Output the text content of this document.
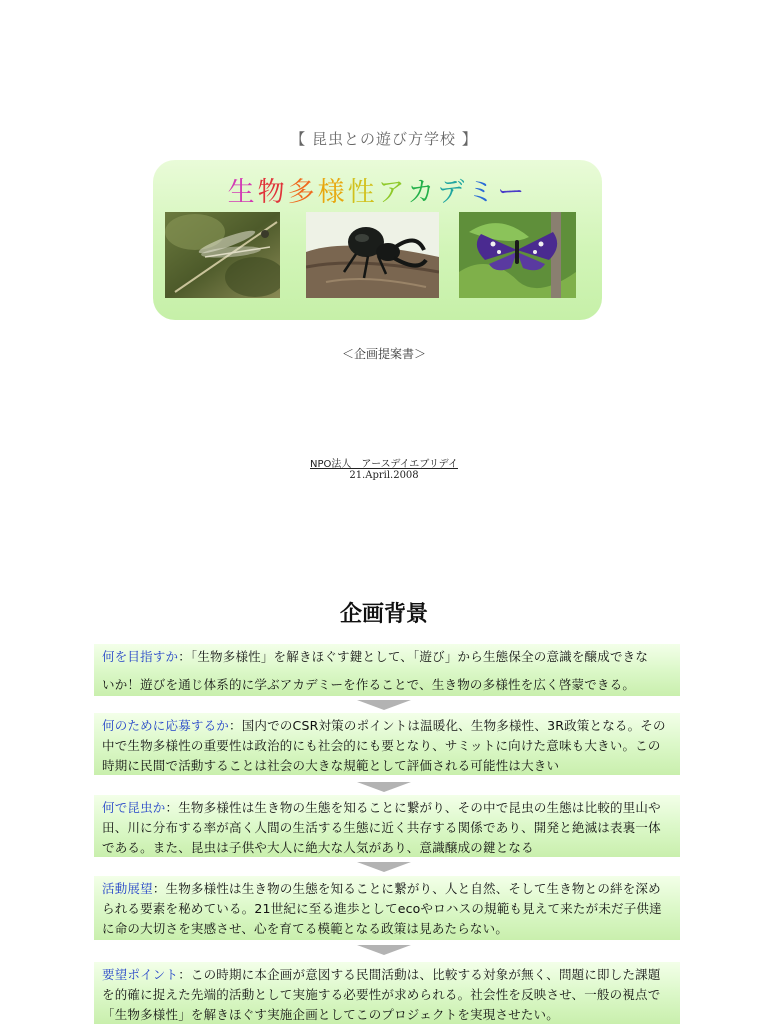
【 昆虫との遊び方学校 】
生物多様性アカデミー
＜企画提案書＞
NPO法人　アースデイエブリデイ
21.April.2008
企画背景
何を目指すか：「生物多様性」を解きほぐす鍵として、「遊び」から生態保全の意識を醸成できな
いか！遊びを通じ体系的に学ぶアカデミーを作ることで、生き物の多様性を広く啓蒙できる。
何のために応募するか：国内でのCSR対策のポイントは温暖化、生物多様性、3R政策となる。その中で生物多様性の重要性は政治的にも社会的にも要となり、サミットに向けた意味も大きい。この時期に民間で活動することは社会の大きな規範として評価される可能性は大きい
何で昆虫か：生物多様性は生き物の生態を知ることに繋がり、その中で昆虫の生態は比較的里山や田、川に分布する率が高く人間の生活する生態に近く共存する関係であり、開発と絶滅は表裏一体である。また、昆虫は子供や大人に絶大な人気があり、意識醸成の鍵となる
活動展望：生物多様性は生き物の生態を知ることに繋がり、人と自然、そして生き物との絆を深められる要素を秘めている。21世紀に至る進歩としてecoやロハスの規範も見えて来たが未だ子供達に命の大切さを実感させ、心を育てる模範となる政策は見あたらない。
要望ポイント：この時期に本企画が意図する民間活動は、比較する対象が無く、問題に即した課題を的確に捉えた先端的活動として実施する必要性が求められる。社会性を反映させ、一般の視点で「生物多様性」を解きほぐす実施企画としてこのプロジェクトを実現させたい。
